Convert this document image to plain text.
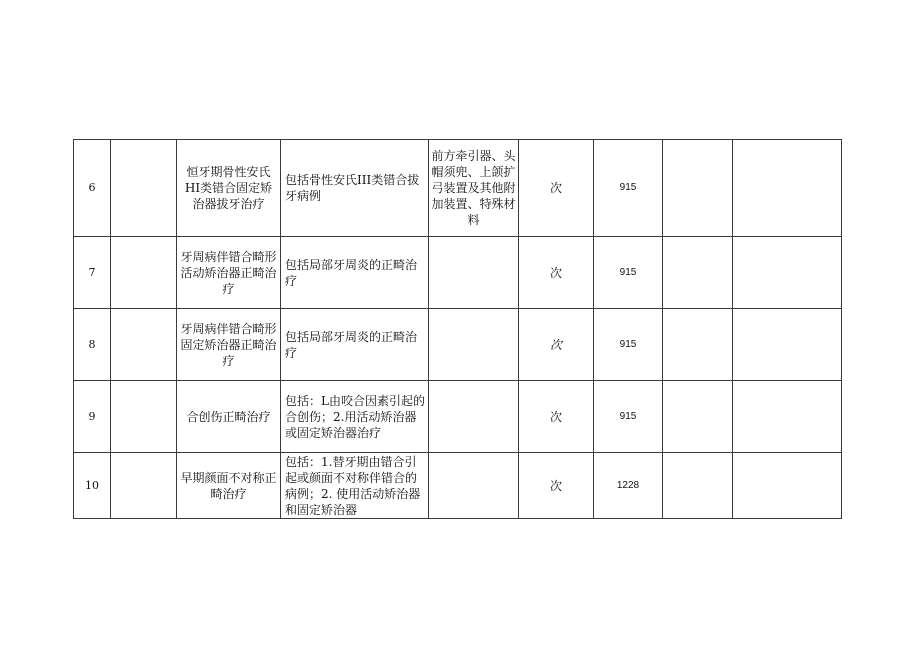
6		恒牙期骨性安氏HI类错合固定矫治器拔牙治疗	包括骨性安氏III类错合拔牙病例	前方牵引器、头帽须兜、上颌扩弓装置及其他附加装置、特殊材料	次	915		
7		牙周病伴错合畸形活动矫治器正畸治疗	包括局部牙周炎的正畸治疗		次	915		
8		牙周病伴错合畸形固定矫治器正畸治疗	包括局部牙周炎的正畸治疗		次	915		
9		合创伤正畸治疗	包括：L由咬合因素引起的合创伤；2.用活动矫治器或固定矫治器治疗		次	915		
10		早期颜面不对称正畸治疗	包括：1.替牙期由错合引起或颜面不对称伴错合的病例；2. 使用活动矫治器和固定矫治器		次	1228		
